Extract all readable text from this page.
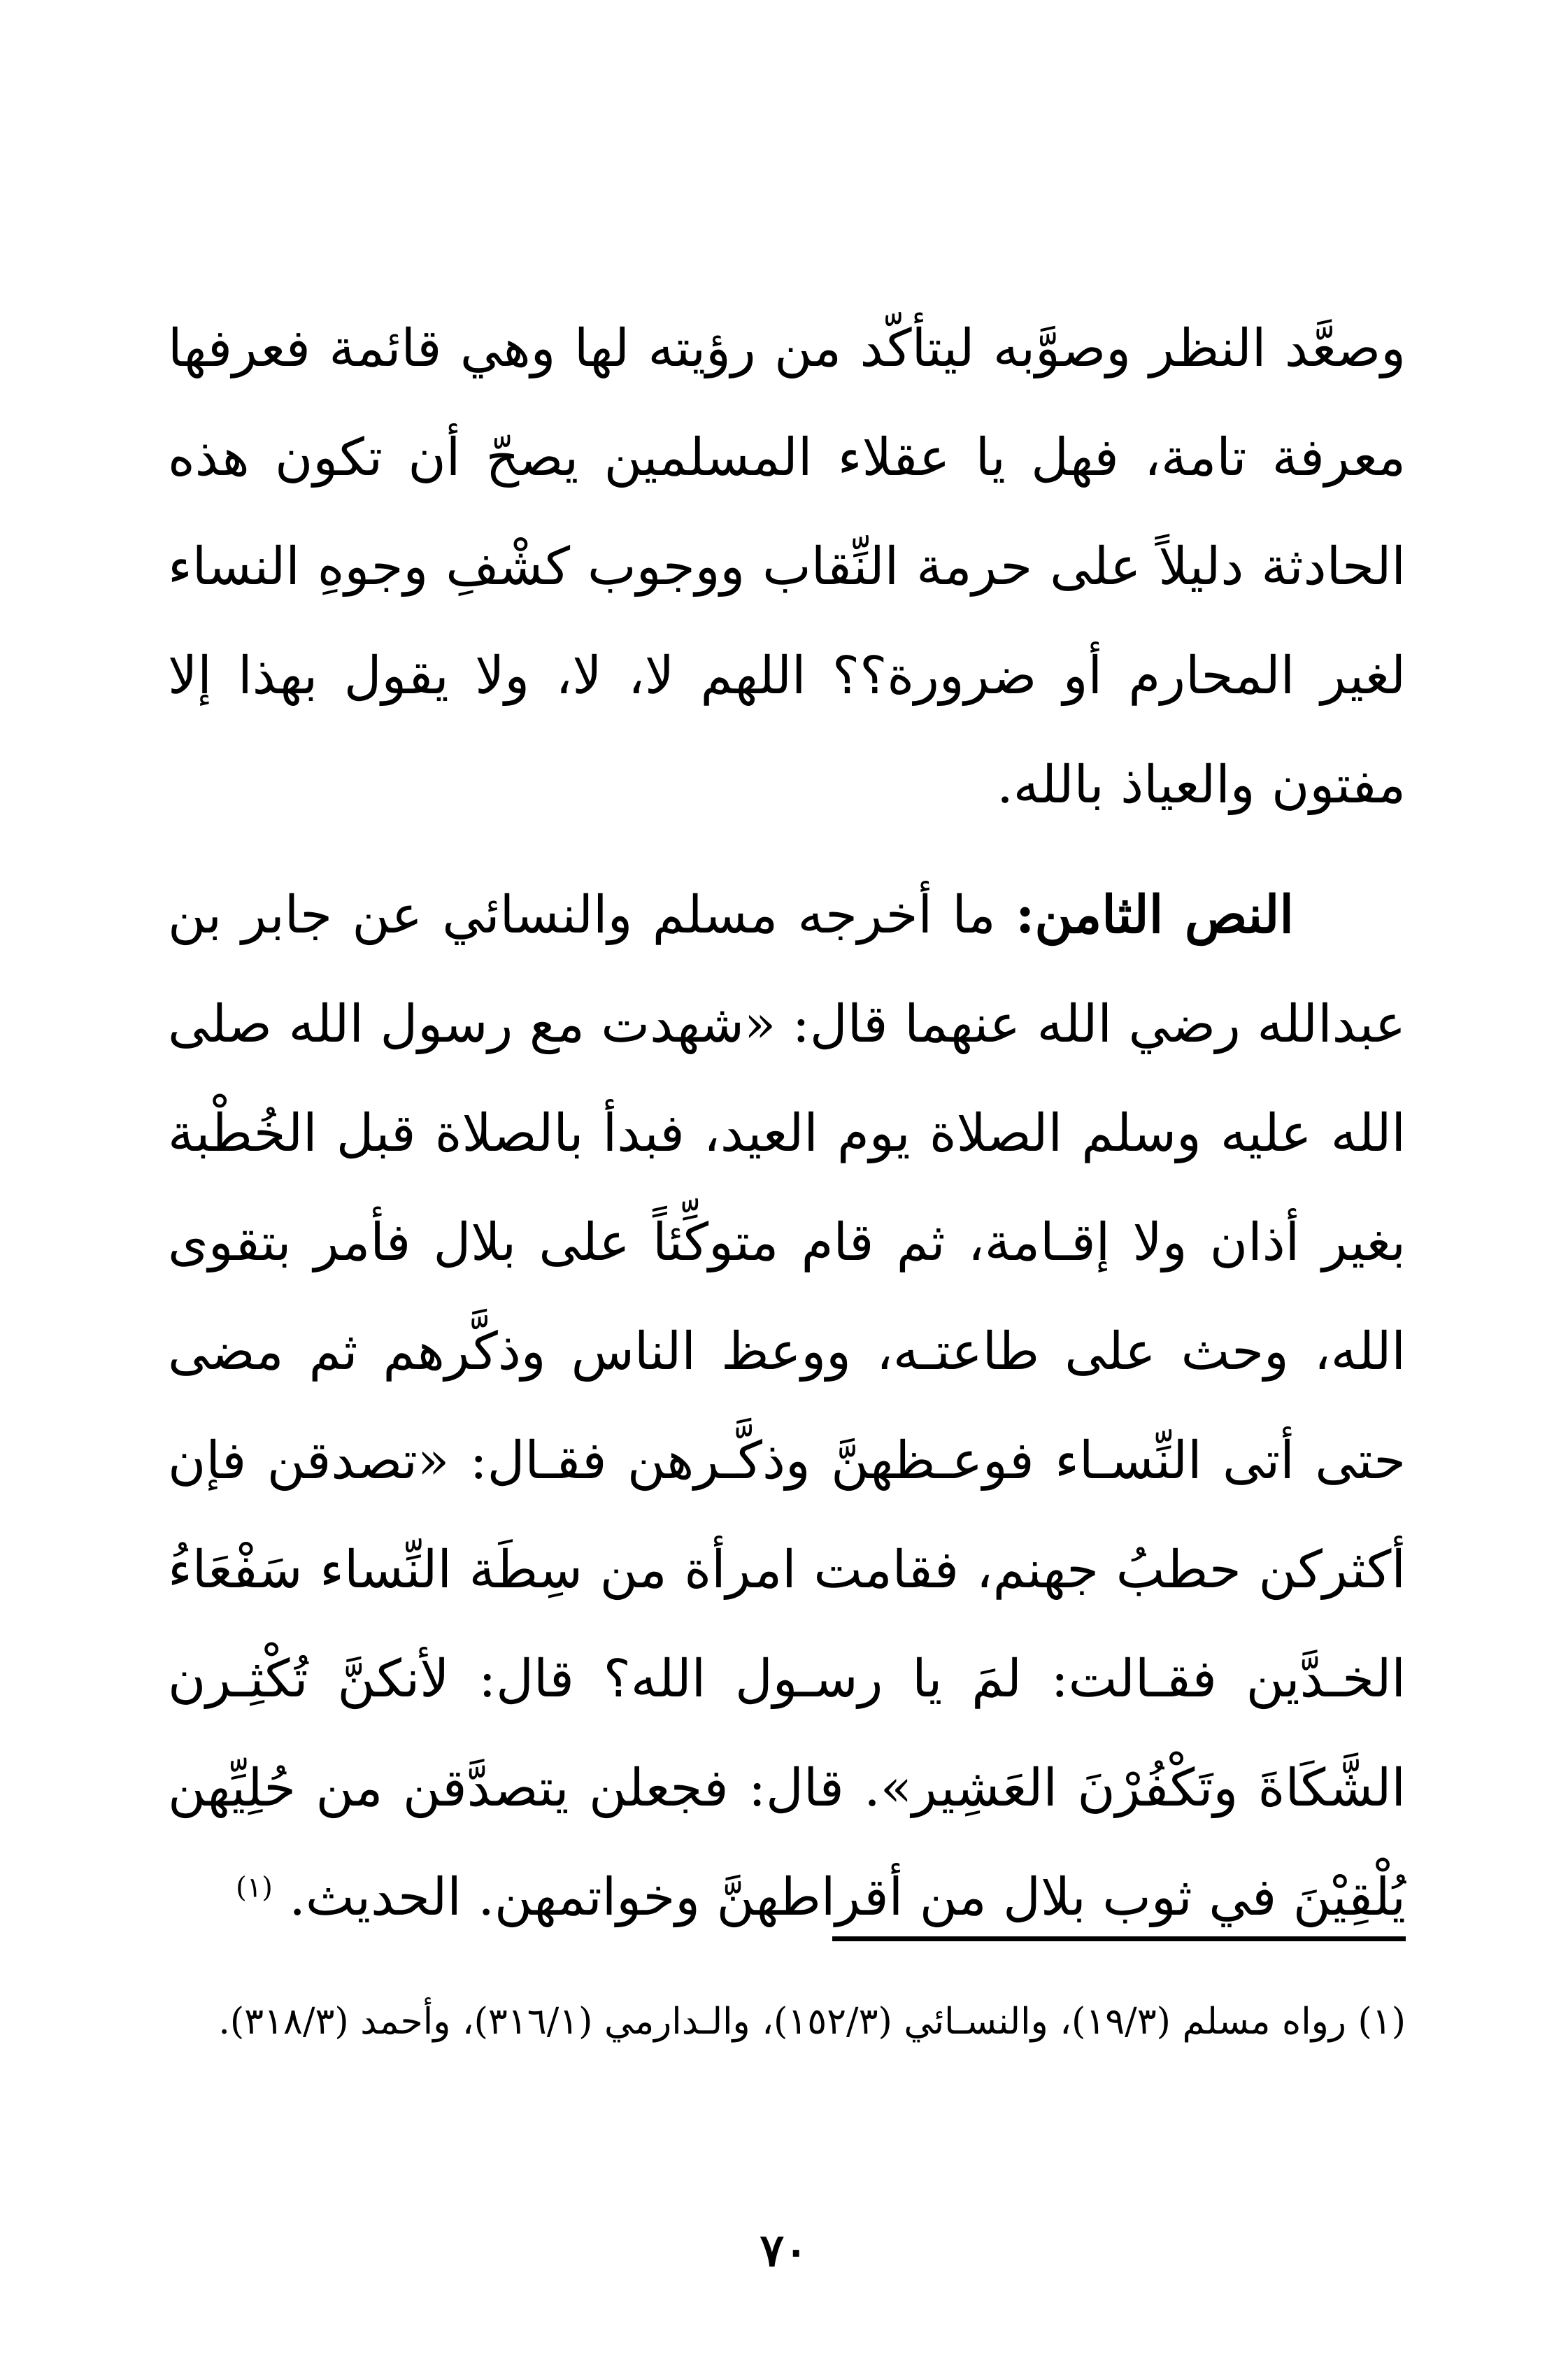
وصعَّد النظر وصوَّبه ليتأكّد من رؤيته لها وهي قائمة فعرفها معرفة تامة، فهل يا عقلاء المسلمين يصحّ أن تكون هذه الحادثة دليلاً على حرمة النِّقاب ووجوب كشْفِ وجوهِ النساء لغير المحارم أو ضرورة؟؟ اللهم لا، لا، ولا يقول بهذا إلا مفتون والعياذ بالله.

النص الثامن: ما أخرجه مسلم والنسائي عن جابر بن عبدالله رضي الله عنهما قال: «شهدت مع رسول الله صلى الله عليه وسلم الصلاة يوم العيد، فبدأ بالصلاة قبل الخُطْبة بغير أذان ولا إقـامة، ثم قام متوكِّئاً على بلال فأمر بتقوى الله، وحث على طاعتـه، ووعظ الناس وذكَّرهم ثم مضى حتى أتى النِّسـاء فوعـظهنَّ وذكَّـرهن فقـال: «تصدقن فإن أكثركن حطبُ جهنم، فقامت امرأة من سِطَة النِّساء سَفْعَاءُ الخـدَّين فقـالت: لمَ يا رسـول الله؟ قال: لأنكنَّ تُكْثِـرن الشَّكَاةَ وتَكْفُرْنَ العَشِير». قال: فجعلن يتصدَّقن من حُلِيِّهن يُلْقِيْنَ في ثوب بلال من أقراطهنَّ وخواتمهن. الحديث. $^{(١)}$

(١) رواه مسلم (١٩/٣)، والنسـائي (١٥٢/٣)، والـدارمي (٣١٦/١)، وأحمد (٣١٨/٣).

٧٠
